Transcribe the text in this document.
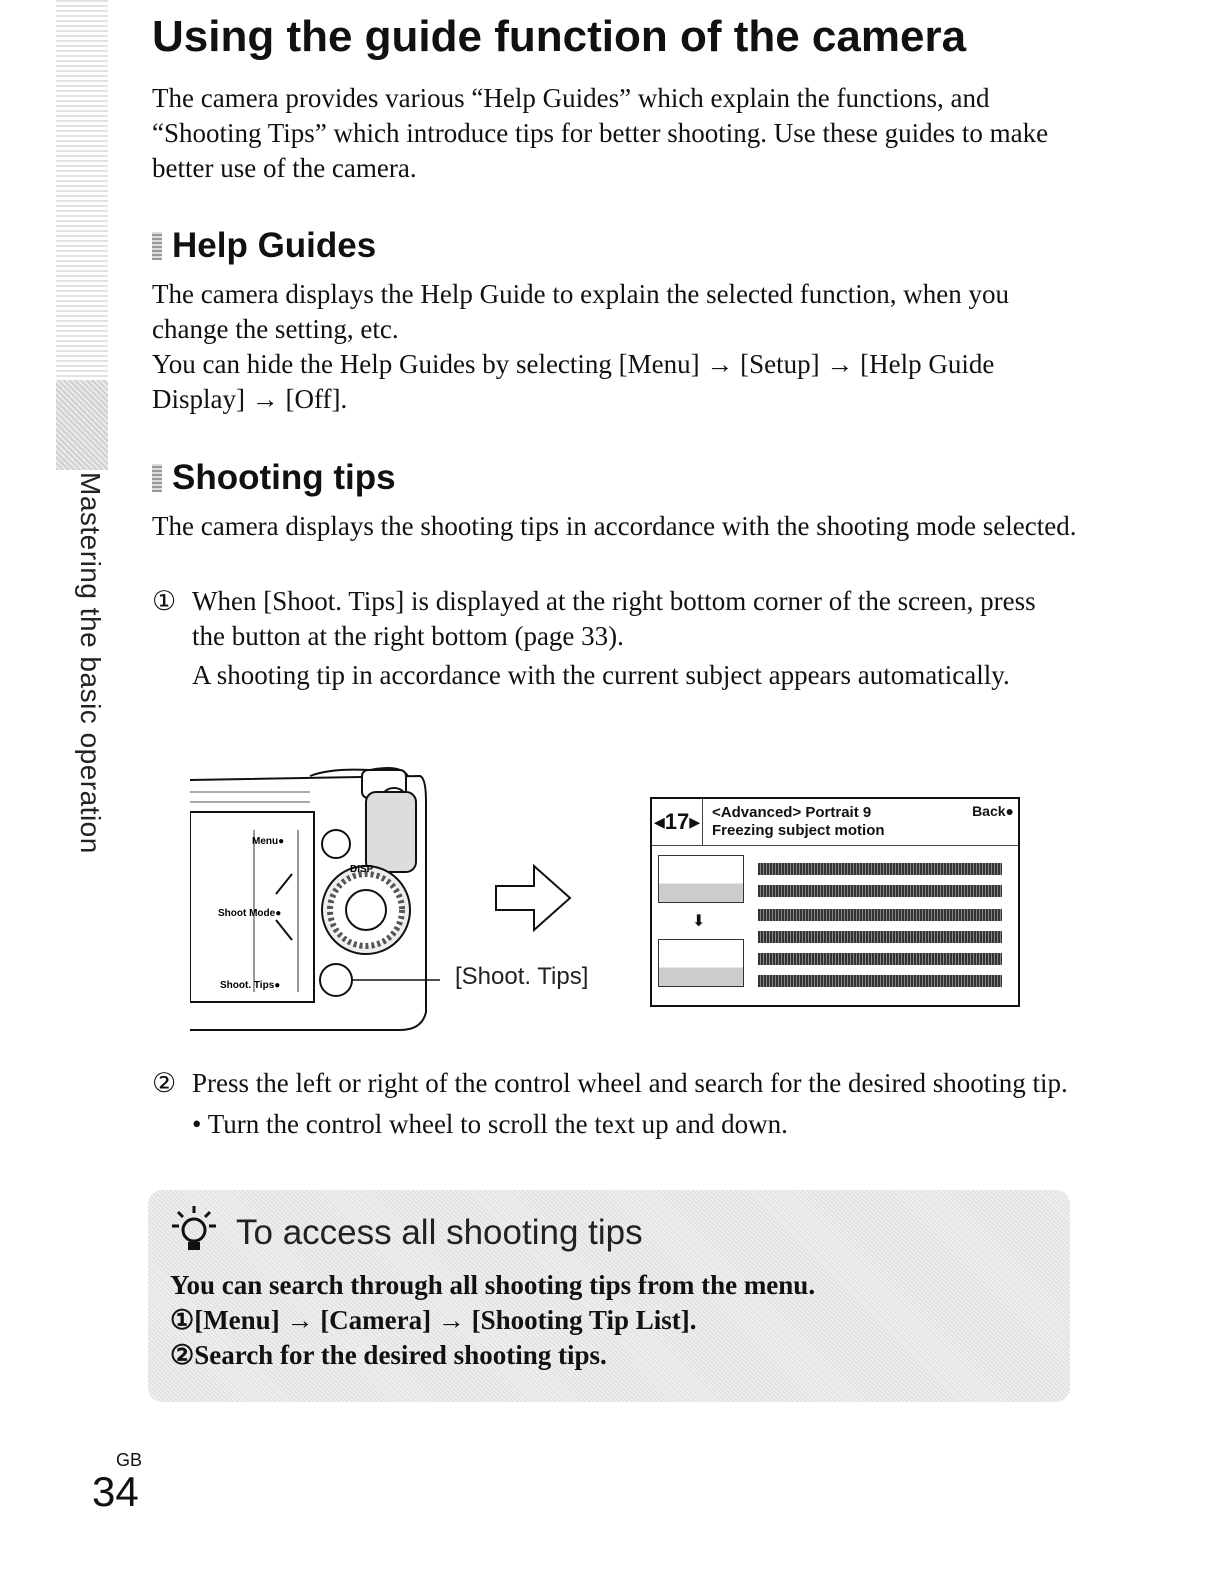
Mastering the basic operation
Using the guide function of the camera

The camera provides various “Help Guides” which explain the functions, and “Shooting Tips” which introduce tips for better shooting. Use these guides to make better use of the camera.

Help Guides

The camera displays the Help Guide to explain the selected function, when you change the setting, etc.

You can hide the Help Guides by selecting [Menu] → [Setup] → [Help Guide Display] → [Off].

Shooting tips

The camera displays the shooting tips in accordance with the shooting mode selected.

① When [Shoot. Tips] is displayed at the right bottom corner of the screen, press the button at the right bottom (page 33).
A shooting tip in accordance with the current subject appears automatically.
DISP
Menu●
Shoot Mode●
Shoot. Tips●	[Shoot. Tips]
◂17▸ <Advanced> Portrait 9
Freezing subject motion
Back●
⬇
② Press the left or right of the control wheel and search for the desired shooting tip.
• Turn the control wheel to scroll the text up and down.
To access all shooting tips
You can search through all shooting tips from the menu.
①[Menu] → [Camera] → [Shooting Tip List].
②Search for the desired shooting tips.
GB
34
